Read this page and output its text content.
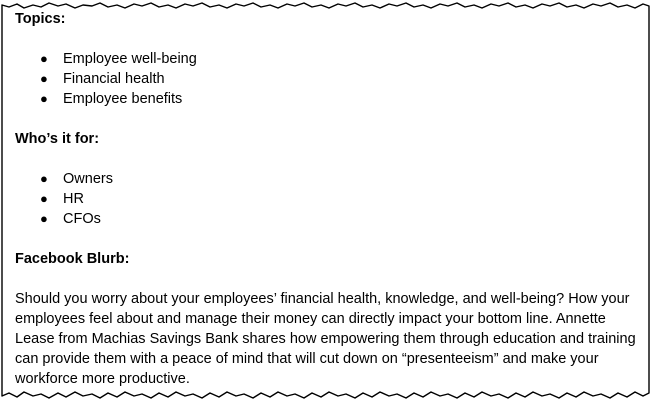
Topics:

● Employee well-being
● Financial health
● Employee benefits

Who’s it for:

● Owners
● HR
● CFOs

Facebook Blurb:

Should you worry about your employees’ financial health, knowledge, and well-being? How your employees feel about and manage their money can directly impact your bottom line. Annette Lease from Machias Savings Bank shares how empowering them through education and training can provide them with a peace of mind that will cut down on “presenteeism” and make your workforce more productive.
